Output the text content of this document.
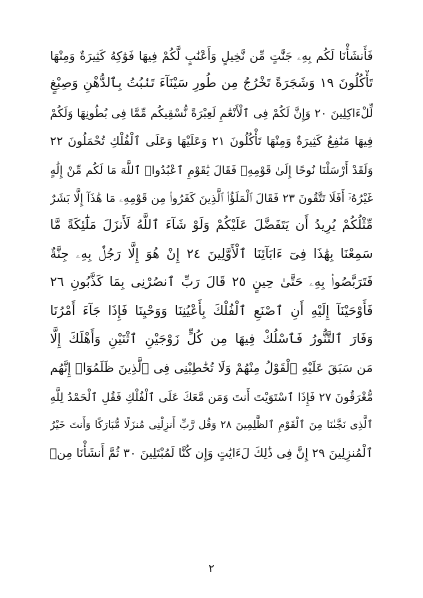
فَأَنشَأْنَا لَكُم بِهِۦ جَنَّٰتٍ مِّن نَّخِيلٍ وَأَعْنَٰبٍ لَّكُمْ فِيهَا فَوَٰكِهُ كَثِيرَةٌ وَمِنْهَا
تَأْكُلُونَ ١٩ وَشَجَرَةً تَخْرُجُ مِن طُورِ سَيْنَآءَ تَنۢبُتُ بِٱلدُّهْنِ وَصِبْغٍ
لِّلْءَاكِلِينَ ٢٠ وَإِنَّ لَكُمْ فِى ٱلْأَنْعَٰمِ لَعِبْرَةً نُّسْقِيكُم مِّمَّا فِى بُطُونِهَا وَلَكُمْ
فِيهَا مَنَٰفِعُ كَثِيرَةٌ وَمِنْهَا تَأْكُلُونَ ٢١ وَعَلَيْهَا وَعَلَى ٱلْفُلْكِ تُحْمَلُونَ ٢٢
وَلَقَدْ أَرْسَلْنَا نُوحًا إِلَىٰ قَوْمِهِۦ فَقَالَ يَٰقَوْمِ ٱعْبُدُوا۟ ٱللَّهَ مَا لَكُم مِّنْ إِلَٰهٍ
غَيْرُهُۥٓ أَفَلَا تَتَّقُونَ ٢٣ فَقَالَ ٱلْمَلَؤُا۟ ٱلَّذِينَ كَفَرُوا۟ مِن قَوْمِهِۦ مَا هَٰذَآ إِلَّا بَشَرٌ
مِّثْلُكُمْ يُرِيدُ أَن يَتَفَضَّلَ عَلَيْكُمْ وَلَوْ شَآءَ ٱللَّهُ لَأَنزَلَ مَلَٰٓئِكَةً مَّا
سَمِعْنَا بِهَٰذَا فِىٓ ءَابَآئِنَا ٱلْأَوَّلِينَ ٢٤ إِنْ هُوَ إِلَّا رَجُلٌۢ بِهِۦ جِنَّةٌ
فَتَرَبَّصُوا۟ بِهِۦ حَتَّىٰ حِينٍ ٢٥ قَالَ رَبِّ ٱنصُرْنِى بِمَا كَذَّبُونِ ٢٦
فَأَوْحَيْنَآ إِلَيْهِ أَنِ ٱصْنَعِ ٱلْفُلْكَ بِأَعْيُنِنَا وَوَحْيِنَا فَإِذَا جَآءَ أَمْرُنَا
وَفَارَ ٱلتَّنُّورُ فَٱسْلُكْ فِيهَا مِن كُلٍّ زَوْجَيْنِ ٱثْنَيْنِ وَأَهْلَكَ إِلَّا
مَن سَبَقَ عَلَيْهِ ٱلْقَوْلُ مِنْهُمْ وَلَا تُخَٰطِبْنِى فِى ٱلَّذِينَ ظَلَمُوٓا۟ إِنَّهُم
مُّغْرَقُونَ ٢٧ فَإِذَا ٱسْتَوَيْتَ أَنتَ وَمَن مَّعَكَ عَلَى ٱلْفُلْكِ فَقُلِ ٱلْحَمْدُ لِلَّهِ
ٱلَّذِى نَجَّىٰنَا مِنَ ٱلْقَوْمِ ٱلظَّٰلِمِينَ ٢٨ وَقُل رَّبِّ أَنزِلْنِى مُنزَلًا مُّبَارَكًا وَأَنتَ خَيْرُ
ٱلْمُنزِلِينَ ٢٩ إِنَّ فِى ذَٰلِكَ لَءَايَٰتٍ وَإِن كُنَّا لَمُبْتَلِينَ ٣٠ ثُمَّ أَنشَأْنَا مِنۢ
٢
